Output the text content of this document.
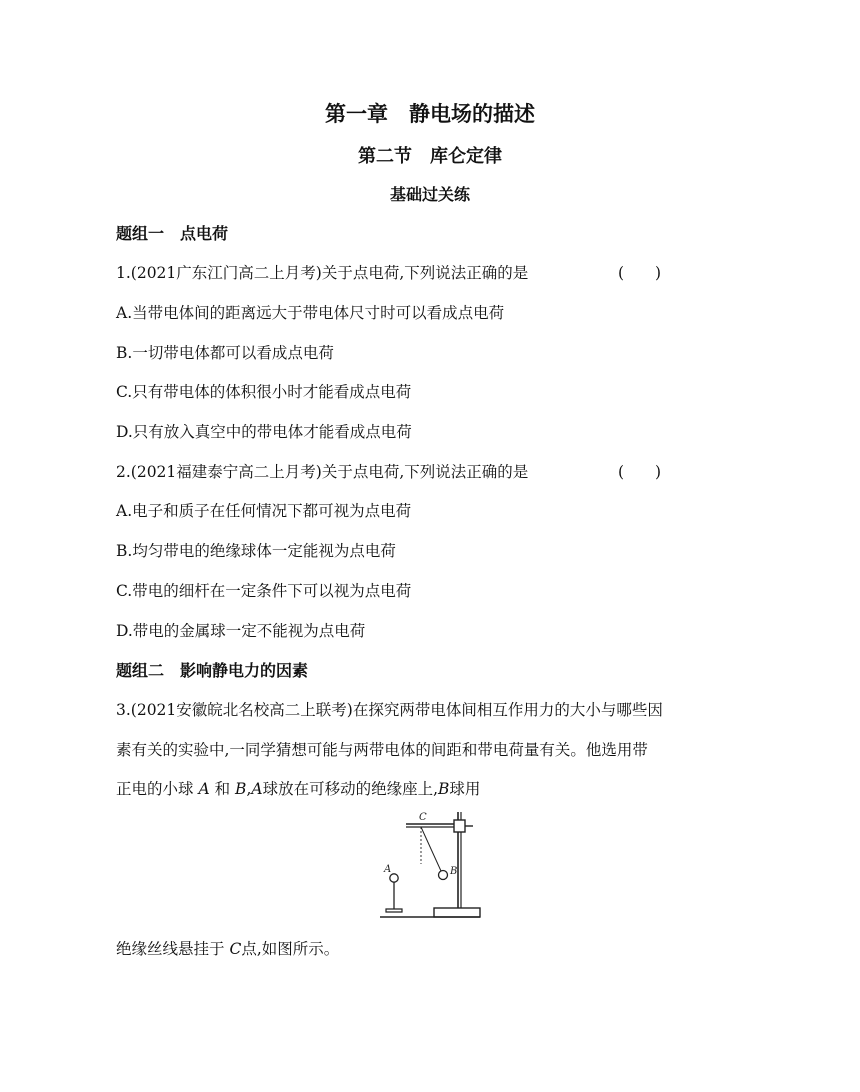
第一章　静电场的描述
第二节　库仑定律
基础过关练
题组一　点电荷
1.(2021广东江门高二上月考)关于点电荷,下列说法正确的是	(　　)
A.当带电体间的距离远大于带电体尺寸时可以看成点电荷
B.一切带电体都可以看成点电荷
C.只有带电体的体积很小时才能看成点电荷
D.只有放入真空中的带电体才能看成点电荷
2.(2021福建泰宁高二上月考)关于点电荷,下列说法正确的是	(　　)
A.电子和质子在任何情况下都可视为点电荷
B.均匀带电的绝缘球体一定能视为点电荷
C.带电的细杆在一定条件下可以视为点电荷
D.带电的金属球一定不能视为点电荷
题组二　影响静电力的因素
3.(2021安徽皖北名校高二上联考)在探究两带电体间相互作用力的大小与哪些因
素有关的实验中,一同学猜想可能与两带电体的间距和带电荷量有关。他选用带
正电的小球 A 和 B,A球放在可移动的绝缘座上,B球用
C
A	B
绝缘丝线悬挂于 C点,如图所示。
